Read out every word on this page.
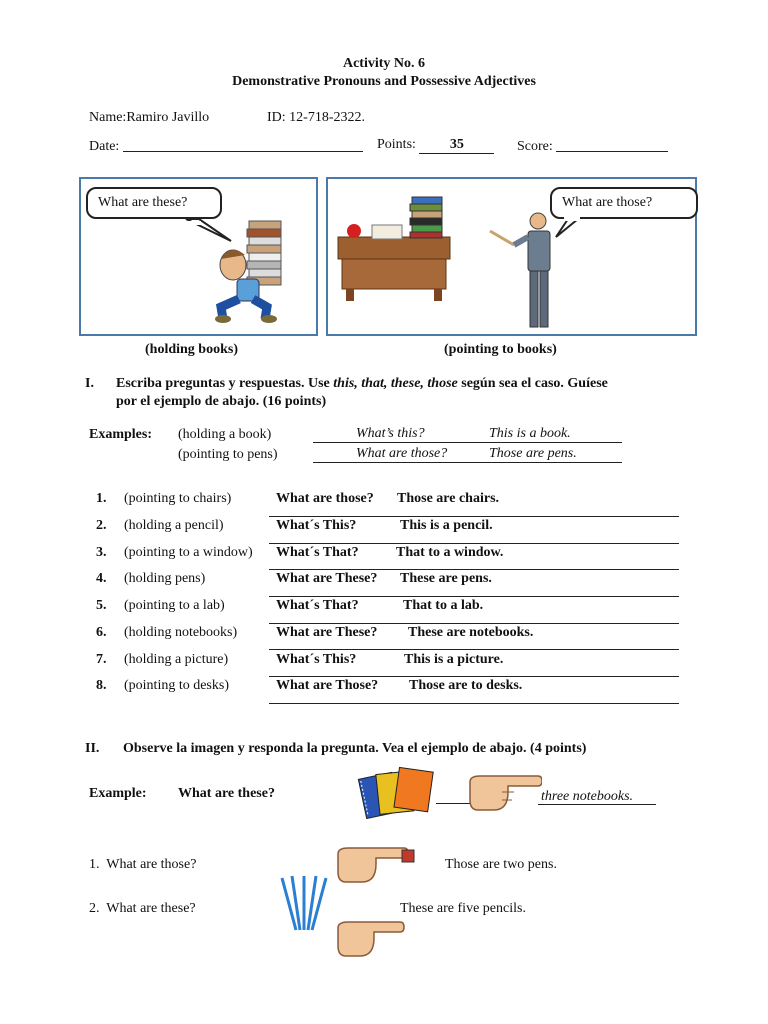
Activity No. 6
Demonstrative Pronouns and Possessive Adjectives
Name:Ramiro Javillo	ID: 12-718-2322.
Date:	Points: 35	Score:
What are these?	What are those?
(holding books)	(pointing to books)
I. Escriba preguntas y respuestas. Use this, that, these, those según sea el caso. Guíese
por el ejemplo de abajo. (16 points)
Examples: (holding a book)	What’s this?	This is a book.
(pointing to pens)	What are those?	Those are pens.
1. (pointing to chairs)	What are those? Those are chairs.
2. (holding a pencil)	What´s This?	This is a pencil.
3. (pointing to a window) What´s That?	That to a window.
4. (holding pens)	What are These? These are pens.
5. (pointing to a lab)	What´s That?	That to a lab.
6. (holding notebooks)	What are These? These are notebooks.
7. (holding a picture)	What´s This?	This is a picture.
8. (pointing to desks)	What are Those? Those are to desks.
II. Observe la imagen y responda la pregunta. Vea el ejemplo de abajo. (4 points)
Example: What are these?	three notebooks.
1. What are those?	Those are two pens.
2. What are these?	These are five pencils.
